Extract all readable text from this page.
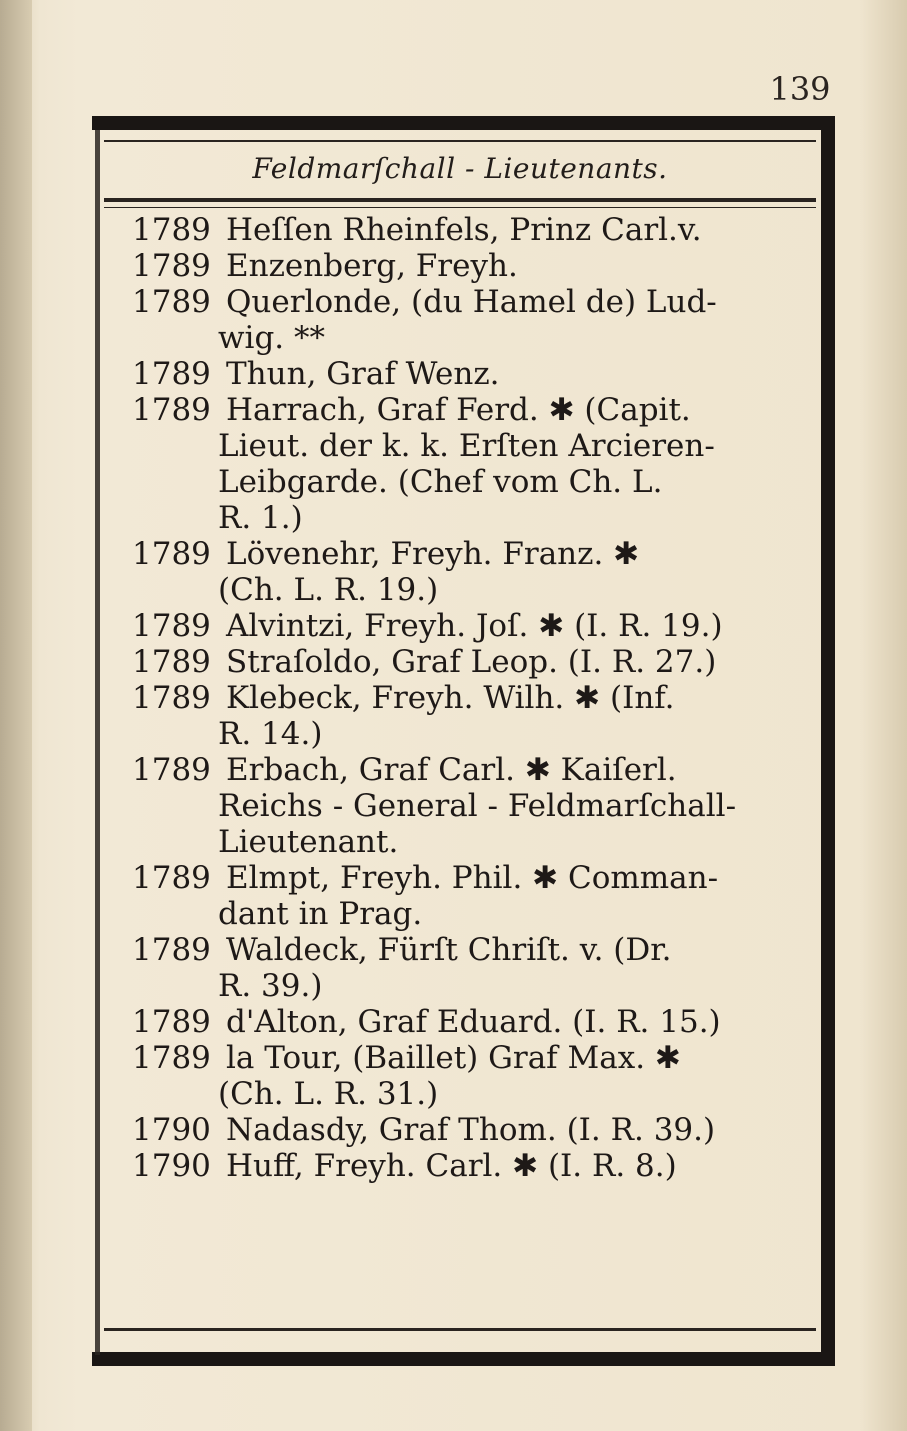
139
Feldmarſchall - Lieutenants.
1789 Heſſen Rheinfels, Prinz Carl.v.
1789 Enzenberg, Freyh.
1789 Querlonde, (du Hamel de) Lud-
wig. **
1789 Thun, Graf Wenz.
1789 Harrach, Graf Ferd. ✱ (Capit.
Lieut. der k. k. Erſten Arcieren-
Leibgarde. (Chef vom Ch. L.
R. 1.)
1789 Lövenehr, Freyh. Franz. ✱
(Ch. L. R. 19.)
1789 Alvintzi, Freyh. Joſ. ✱ (I. R. 19.)
1789 Straſoldo, Graf Leop. (I. R. 27.)
1789 Klebeck, Freyh. Wilh. ✱ (Inf.
R. 14.)
1789 Erbach, Graf Carl. ✱ Kaiſerl.
Reichs - General - Feldmarſchall-
Lieutenant.
1789 Elmpt, Freyh. Phil. ✱ Comman-
dant in Prag.
1789 Waldeck, Fürſt Chriſt. v. (Dr.
R. 39.)
1789 d'Alton, Graf Eduard. (I. R. 15.)
1789 la Tour, (Baillet) Graf Max. ✱
(Ch. L. R. 31.)
1790 Nadasdy, Graf Thom. (I. R. 39.)
1790 Huff, Freyh. Carl. ✱ (I. R. 8.)
